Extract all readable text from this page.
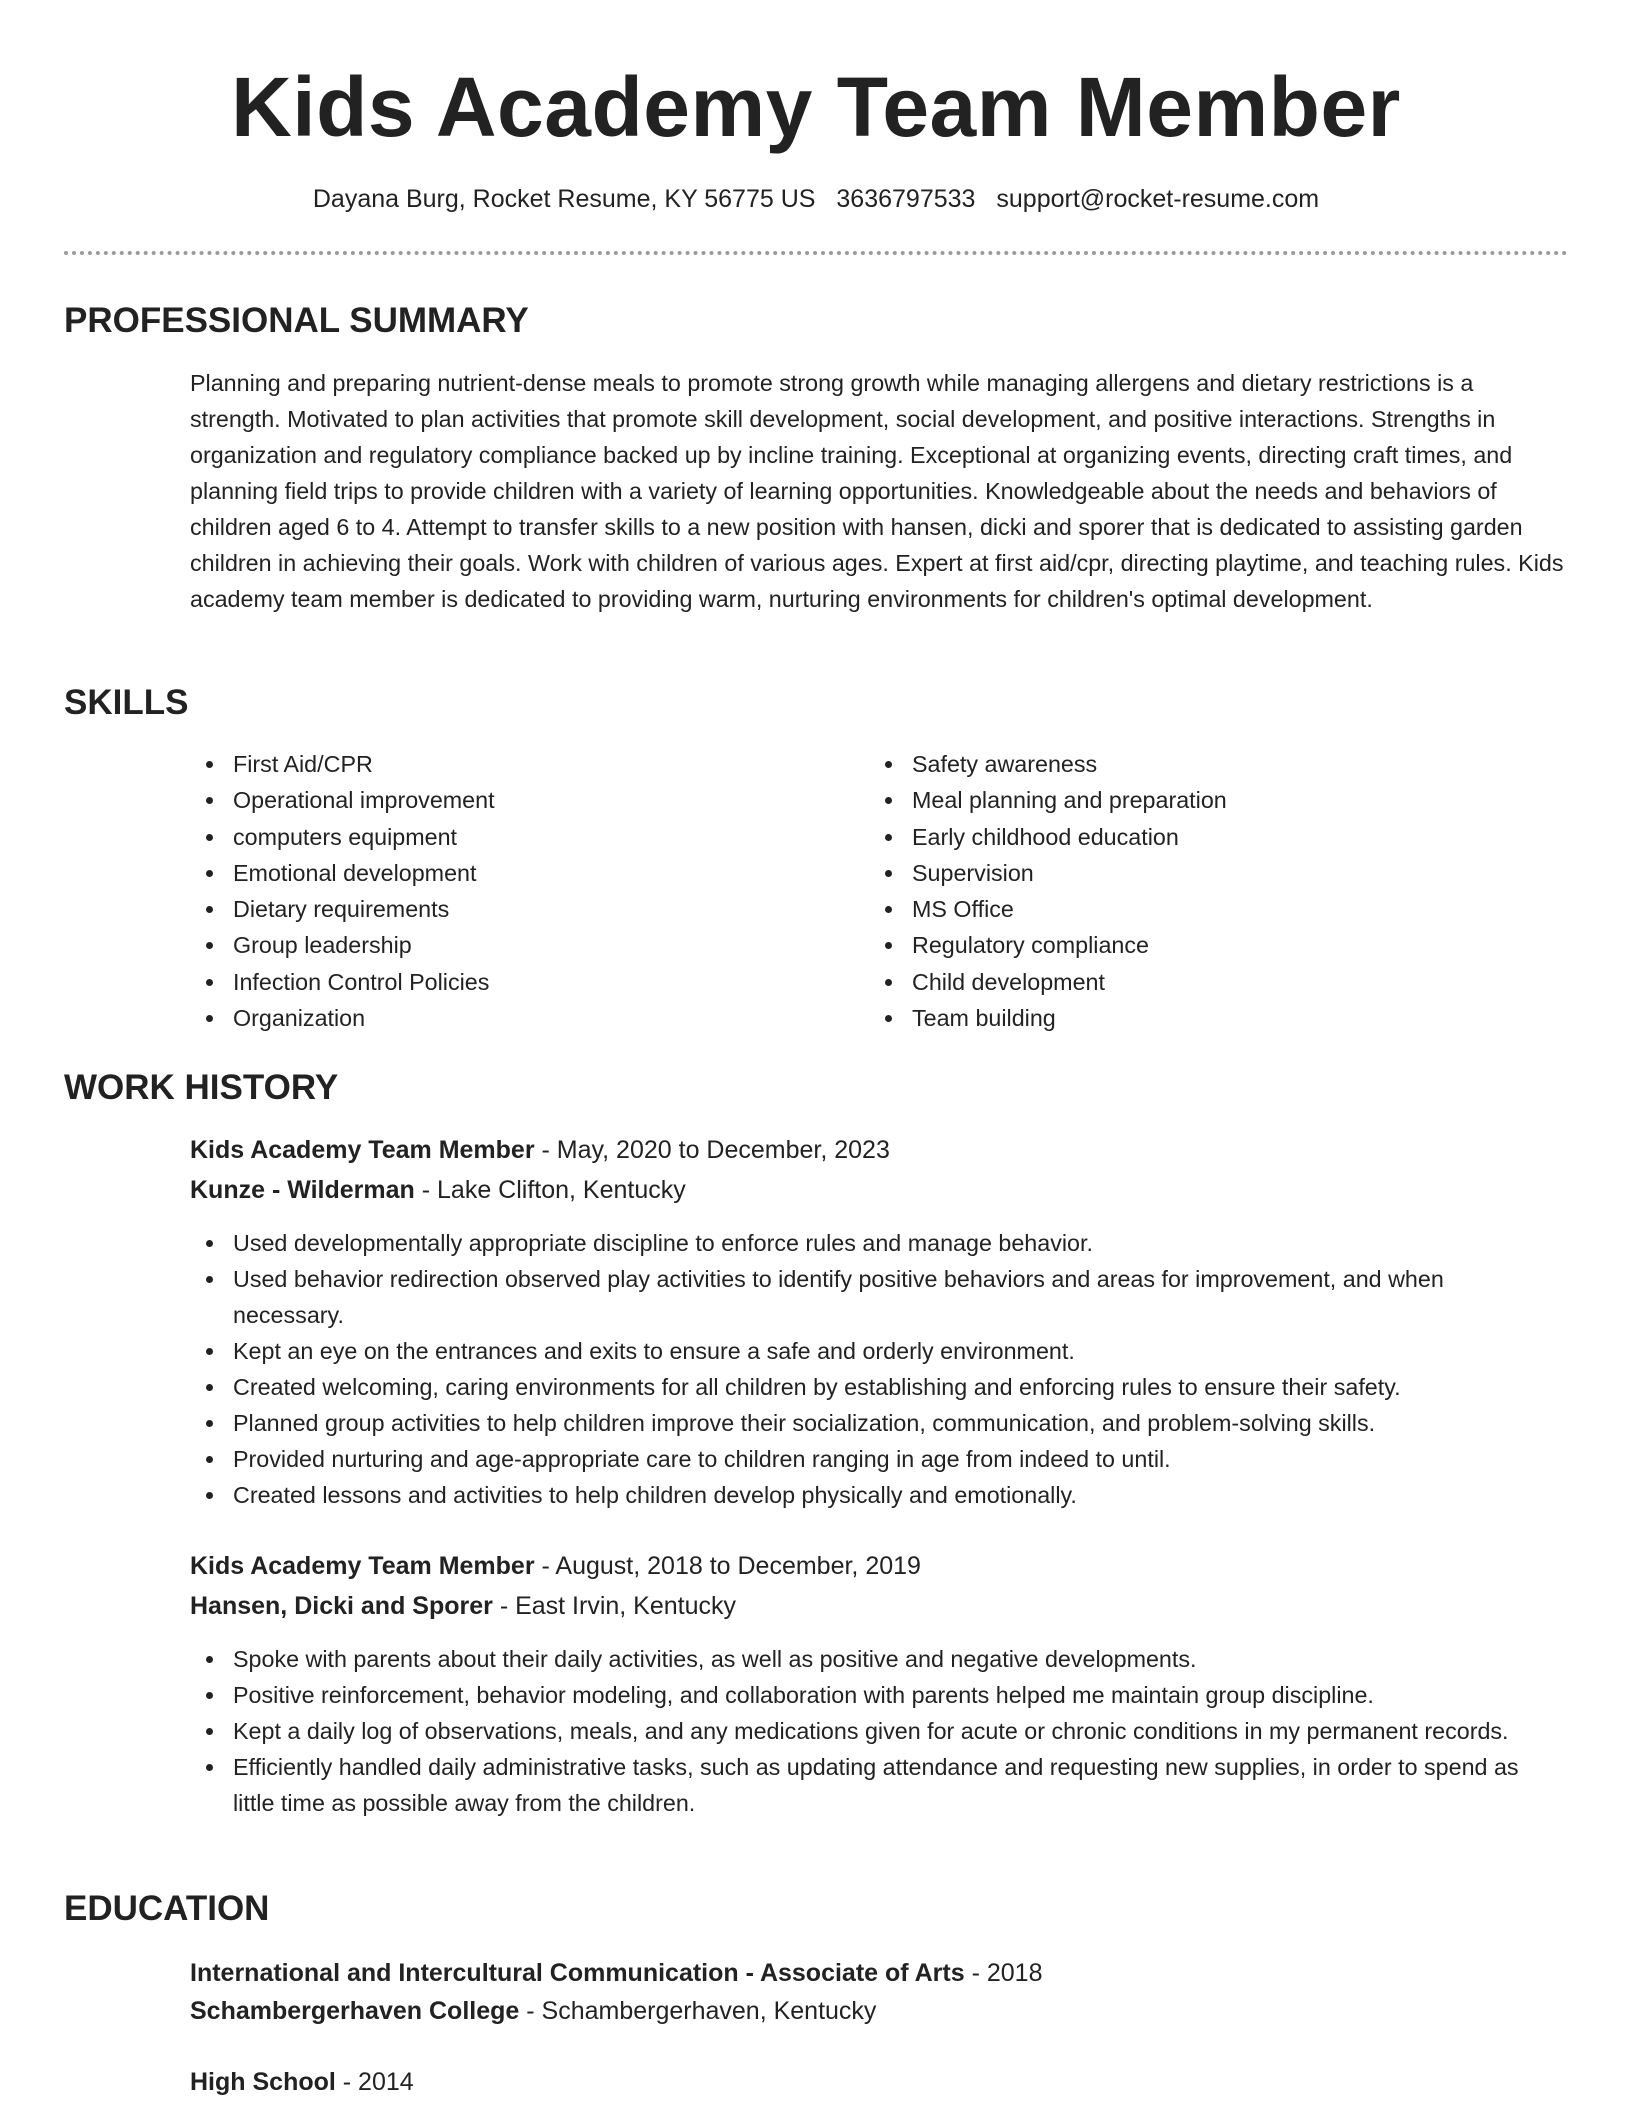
Kids Academy Team Member
Dayana Burg, Rocket Resume, KY 56775 US 3636797533 support@rocket-resume.com
PROFESSIONAL SUMMARY
Planning and preparing nutrient-dense meals to promote strong growth while managing allergens and dietary restrictions is a strength. Motivated to plan activities that promote skill development, social development, and positive interactions. Strengths in organization and regulatory compliance backed up by incline training. Exceptional at organizing events, directing craft times, and planning field trips to provide children with a variety of learning opportunities. Knowledgeable about the needs and behaviors of children aged 6 to 4. Attempt to transfer skills to a new position with hansen, dicki and sporer that is dedicated to assisting garden children in achieving their goals. Work with children of various ages. Expert at first aid/cpr, directing playtime, and teaching rules. Kids academy team member is dedicated to providing warm, nurturing environments for children's optimal development.
SKILLS
First Aid/CPR
Operational improvement
computers equipment
Emotional development
Dietary requirements
Group leadership
Infection Control Policies
Organization
Safety awareness
Meal planning and preparation
Early childhood education
Supervision
MS Office
Regulatory compliance
Child development
Team building
WORK HISTORY
Kids Academy Team Member - May, 2020 to December, 2023
Kunze - Wilderman - Lake Clifton, Kentucky
Used developmentally appropriate discipline to enforce rules and manage behavior.
Used behavior redirection observed play activities to identify positive behaviors and areas for improvement, and when necessary.
Kept an eye on the entrances and exits to ensure a safe and orderly environment.
Created welcoming, caring environments for all children by establishing and enforcing rules to ensure their safety.
Planned group activities to help children improve their socialization, communication, and problem-solving skills.
Provided nurturing and age-appropriate care to children ranging in age from indeed to until.
Created lessons and activities to help children develop physically and emotionally.
Kids Academy Team Member - August, 2018 to December, 2019
Hansen, Dicki and Sporer - East Irvin, Kentucky
Spoke with parents about their daily activities, as well as positive and negative developments.
Positive reinforcement, behavior modeling, and collaboration with parents helped me maintain group discipline.
Kept a daily log of observations, meals, and any medications given for acute or chronic conditions in my permanent records.
Efficiently handled daily administrative tasks, such as updating attendance and requesting new supplies, in order to spend as little time as possible away from the children.
EDUCATION
International and Intercultural Communication - Associate of Arts - 2018
Schambergerhaven College - Schambergerhaven, Kentucky
High School - 2014
